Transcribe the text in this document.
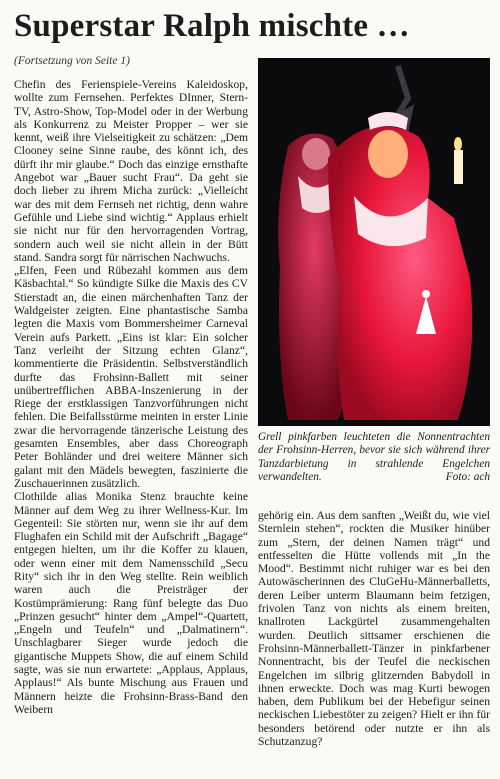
Superstar Ralph mischte …
(Fortsetzung von Seite 1)

Chefin des Ferienspiele-Vereins Kaleidoskop, wollte zum Fernsehen. Perfektes DInner, Stern-TV, Astro-Show, Top-Model oder in der Werbung als Konkurrenz zu Meister Propper – wer sie kennt, weiß ihre Vielseitigkeit zu schätzen: „Dem Clooney seine Sinne raube, des könnt ich, des dürft ihr mir glaube.“ Doch das einzige ernsthafte Angebot war „Bauer sucht Frau“. Da geht sie doch lieber zu ihrem Micha zurück: „Vielleicht war des mit dem Fernseh net richtig, denn wahre Gefühle und Liebe sind wichtig.“ Applaus erhielt sie nicht nur für den hervorragenden Vortrag, sondern auch weil sie nicht allein in der Bütt stand. Sandra sorgt für närrischen Nachwuchs.

„Elfen, Feen und Rübezahl kommen aus dem Käsbachtal.“ So kündigte Silke die Maxis des CV Stierstadt an, die einen märchenhaften Tanz der Waldgeister zeigten. Eine phantastische Samba legten die Maxis vom Bommersheimer Carneval Verein aufs Parkett. „Eins ist klar: Ein solcher Tanz verleiht der Sitzung echten Glanz“, kommentierte die Präsidentin. Selbstverständlich durfte das Frohsinn-Ballett mit seiner unübertrefflichen ABBA-Inszenierung in der Riege der erstklassigen Tanzvorführungen nicht fehlen. Die Beifallsstürme meinten in erster Linie zwar die hervorragende tänzerische Leistung des gesamten Ensembles, aber dass Choreograph Peter Bohländer und drei weitere Männer sich galant mit den Mädels bewegten, faszinierte die Zuschauerinnen zusätzlich.

Clothilde alias Monika Stenz brauchte keine Männer auf dem Weg zu ihrer Wellness-Kur. Im Gegenteil: Sie störten nur, wenn sie ihr auf dem Flughafen ein Schild mit der Aufschrift „Bagage“ entgegen hielten, um ihr die Koffer zu klauen, oder wenn einer mit dem Namensschild „Secu Rity“ sich ihr in den Weg stellte. Rein weiblich waren auch die Preisträger der Kostümprämierung: Rang fünf belegte das Duo „Prinzen gesucht“ hinter dem „Ampel“-Quartett, „Engeln und Teufeln“ und „Dalmatinern“. Unschlagbarer Sieger wurde jedoch die gigantische Muppets Show, die auf einem Schild sagte, was sie nun erwartete: „Applaus, Applaus, Applaus!“ Als bunte Mischung aus Frauen und Männern heizte die Frohsinn-Brass-Band den Weibern

Grell pinkfarben leuchteten die Nonnentrachten der Frohsinn-Herren, bevor sie sich während ihrer Tanzdarbietung in strahlende Engelchen verwandelten.	Foto: ach

gehörig ein. Aus dem sanften „Weißt du, wie viel Sternlein stehen“, rockten die Musiker hinüber zum „Stern, der deinen Namen trägt“ und entfesselten die Hütte vollends mit „In the Mood“. Bestimmt nicht ruhiger war es bei den Autowäscherinnen des CluGeHu-Männerballetts, deren Leiber unterm Blaumann beim fetzigen, frivolen Tanz von nichts als einem breiten, knallroten Lackgürtel zusammengehalten wurden. Deutlich sittsamer erschienen die Frohsinn-Männerballett-Tänzer in pinkfarbener Nonnentracht, bis der Teufel die neckischen Engelchen im silbrig glitzernden Babydoll in ihnen erweckte. Doch was mag Kurti bewogen haben, dem Publikum bei der Hebefigur seinen neckischen Liebestöter zu zeigen? Hielt er ihn für besonders betörend oder nutzte er ihn als Schutzanzug?
